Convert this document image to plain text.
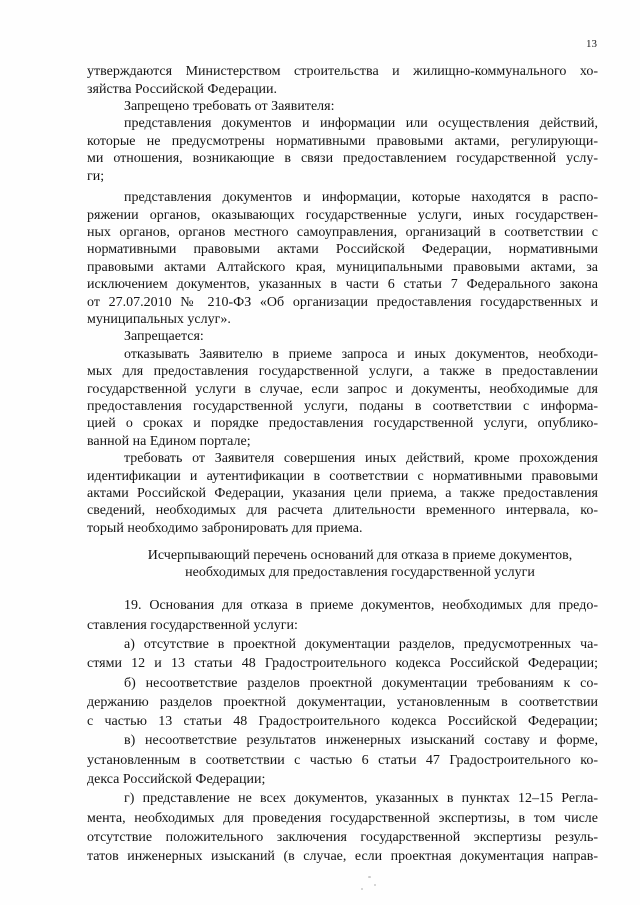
13
утверждаются Министерством строительства и жилищно-коммунального хо-
зяйства Российской Федерации.
Запрещено требовать от Заявителя:
представления документов и информации или осуществления действий,
которые не предусмотрены нормативными правовыми актами, регулирующи-
ми отношения, возникающие в связи предоставлением государственной услу-
ги;
представления документов и информации, которые находятся в распо-
ряжении органов, оказывающих государственные услуги, иных государствен-
ных органов, органов местного самоуправления, организаций в соответствии с
нормативными правовыми актами Российской Федерации, нормативными
правовыми актами Алтайского края, муниципальными правовыми актами, за
исключением документов, указанных в части 6 статьи 7 Федерального закона
от 27.07.2010 № 210-ФЗ «Об организации предоставления государственных и
муниципальных услуг».
Запрещается:
отказывать Заявителю в приеме запроса и иных документов, необходи-
мых для предоставления государственной услуги, а также в предоставлении
государственной услуги в случае, если запрос и документы, необходимые для
предоставления государственной услуги, поданы в соответствии с информа-
цией о сроках и порядке предоставления государственной услуги, опублико-
ванной на Едином портале;
требовать от Заявителя совершения иных действий, кроме прохождения
идентификации и аутентификации в соответствии с нормативными правовыми
актами Российской Федерации, указания цели приема, а также предоставления
сведений, необходимых для расчета длительности временного интервала, ко-
торый необходимо забронировать для приема.
Исчерпывающий перечень оснований для отказа в приеме документов,
необходимых для предоставления государственной услуги
19. Основания для отказа в приеме документов, необходимых для предо-
ставления государственной услуги:
а) отсутствие в проектной документации разделов, предусмотренных ча-
стями 12 и 13 статьи 48 Градостроительного кодекса Российской Федерации;
б) несоответствие разделов проектной документации требованиям к со-
держанию разделов проектной документации, установленным в соответствии
с частью 13 статьи 48 Градостроительного кодекса Российской Федерации;
в) несоответствие результатов инженерных изысканий составу и форме,
установленным в соответствии с частью 6 статьи 47 Градостроительного ко-
декса Российской Федерации;
г) представление не всех документов, указанных в пунктах 12–15 Регла-
мента, необходимых для проведения государственной экспертизы, в том числе
отсутствие положительного заключения государственной экспертизы резуль-
татов инженерных изысканий (в случае, если проектная документация направ-
